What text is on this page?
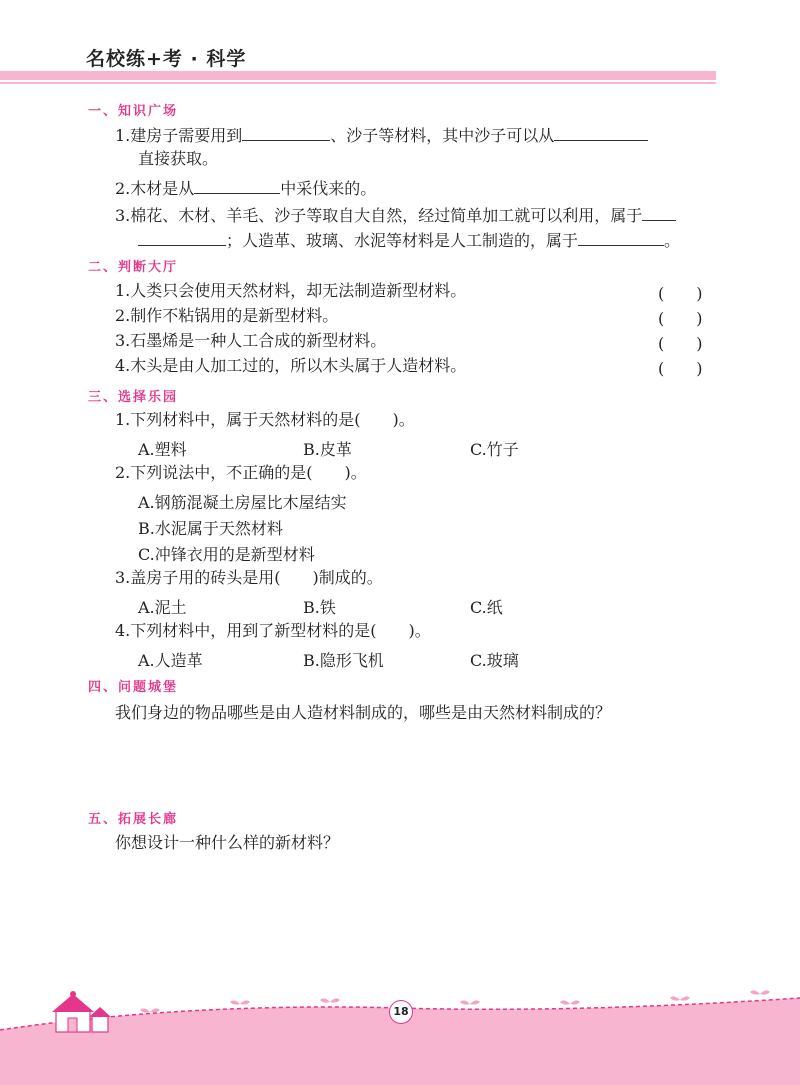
名校练+考 · 科学
一、知识广场
1.建房子需要用到	、沙子等材料，其中沙子可以从
直接获取。
2.木材是从	中采伐来的。
3.棉花、木材、羊毛、沙子等取自大自然，经过简单加工就可以利用，属于
；人造革、玻璃、水泥等材料是人工制造的，属于	。
二、判断大厅
1.人类只会使用天然材料，却无法制造新型材料。	(　　)
2.制作不粘锅用的是新型材料。	(　　)
3.石墨烯是一种人工合成的新型材料。	(　　)
4.木头是由人加工过的，所以木头属于人造材料。	(　　)
三、选择乐园
1.下列材料中，属于天然材料的是(　　)。
A.塑料	B.皮革	C.竹子
2.下列说法中，不正确的是(　　)。
A.钢筋混凝土房屋比木屋结实
B.水泥属于天然材料
C.冲锋衣用的是新型材料
3.盖房子用的砖头是用(　　)制成的。
A.泥土	B.铁	C.纸
4.下列材料中，用到了新型材料的是(　　)。
A.人造革	B.隐形飞机	C.玻璃
四、问题城堡
我们身边的物品哪些是由人造材料制成的，哪些是由天然材料制成的？
五、拓展长廊
你想设计一种什么样的新材料？
18
